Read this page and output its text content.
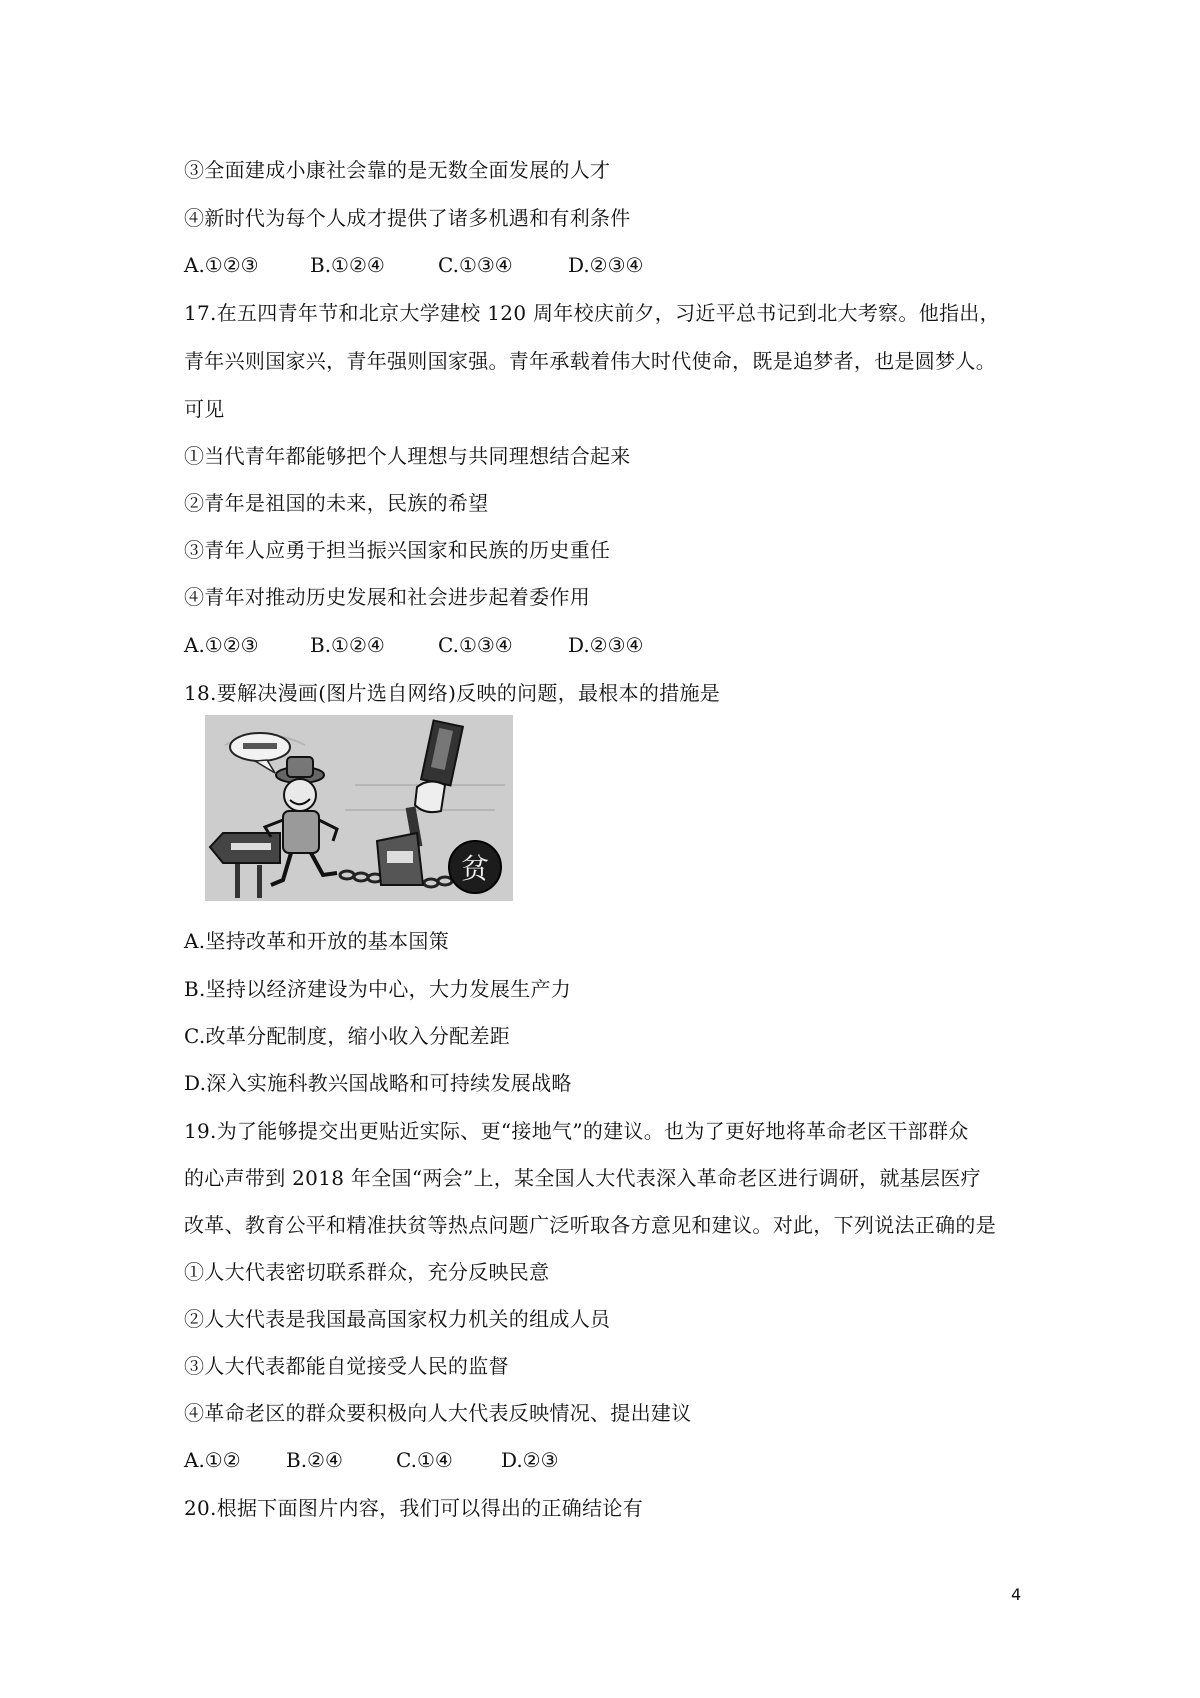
③全面建成小康社会靠的是无数全面发展的人才
④新时代为每个人成才提供了诸多机遇和有利条件
A.①②③	B.①②④	C.①③④	D.②③④
17.在五四青年节和北京大学建校 120 周年校庆前夕，习近平总书记到北大考察。他指出，
青年兴则国家兴，青年强则国家强。青年承载着伟大时代使命，既是追梦者，也是圆梦人。
可见
①当代青年都能够把个人理想与共同理想结合起来
②青年是祖国的未来，民族的希望
③青年人应勇于担当振兴国家和民族的历史重任
④青年对推动历史发展和社会进步起着委作用
A.①②③	B.①②④	C.①③④	D.②③④
18.要解决漫画(图片选自网络)反映的问题，最根本的措施是
贫
A.坚持改革和开放的基本国策
B.坚持以经济建设为中心，大力发展生产力
C.改革分配制度，缩小收入分配差距
D.深入实施科教兴国战略和可持续发展战略
19.为了能够提交出更贴近实际、更“接地气”的建议。也为了更好地将革命老区干部群众
的心声带到 2018 年全国“两会”上，某全国人大代表深入革命老区进行调研，就基层医疗
改革、教育公平和精准扶贫等热点问题广泛听取各方意见和建议。对此，下列说法正确的是
①人大代表密切联系群众，充分反映民意
②人大代表是我国最高国家权力机关的组成人员
③人大代表都能自觉接受人民的监督
④革命老区的群众要积极向人大代表反映情况、提出建议
A.①② B.②④	C.①④ D.②③
20.根据下面图片内容，我们可以得出的正确结论有
4
